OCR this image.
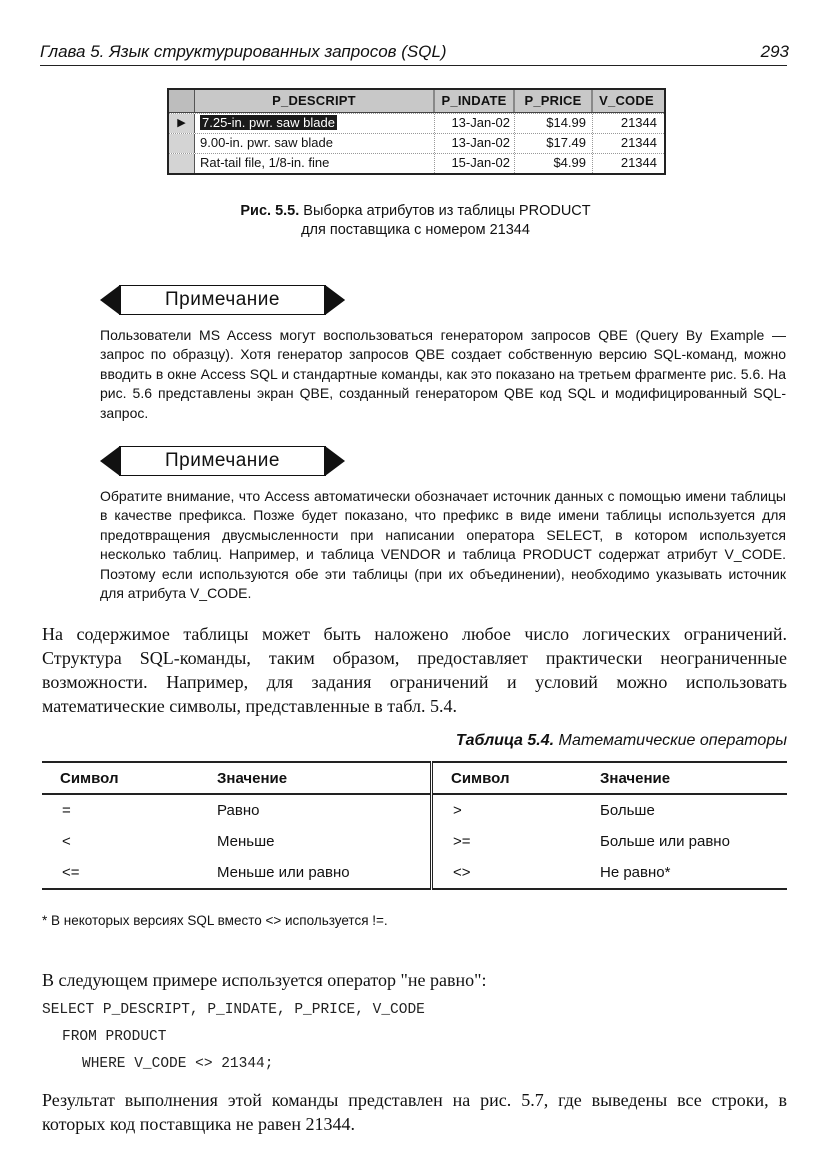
Глава 5. Язык структурированных запросов (SQL)	293
P_DESCRIPT	P_INDATE	P_PRICE	V_CODE
▶	7.25-in. pwr. saw blade	13-Jan-02	$14.99	21344
9.00-in. pwr. saw blade	13-Jan-02	$17.49	21344
Rat-tail file, 1/8-in. fine	15-Jan-02	$4.99	21344
Рис. 5.5. Выборка атрибутов из таблицы PRODUCT
для поставщика с номером 21344
Примечание
Пользователи MS Access могут воспользоваться генератором запросов QBE (Query By Example — запрос по образцу). Хотя генератор запросов QBE создает собственную версию SQL-команд, можно вводить в окне Access SQL и стандартные команды, как это показано на третьем фрагменте рис. 5.6. На рис. 5.6 представлены экран QBE, созданный генератором QBE код SQL и модифицированный SQL-запрос.
Примечание
Обратите внимание, что Access автоматически обозначает источник данных с помощью имени таблицы в качестве префикса. Позже будет показано, что префикс в виде имени таблицы используется для предотвращения двусмысленности при написании оператора SELECT, в котором используется несколько таблиц. Например, и таблица VENDOR и таблица PRODUCT содержат атрибут V_CODE. Поэтому если используются обе эти таблицы (при их объединении), необходимо указывать источник для атрибута V_CODE.
На содержимое таблицы может быть наложено любое число логических ограничений. Структура SQL-команды, таким образом, предоставляет практически неограниченные возможности. Например, для задания ограничений и условий можно использовать математические символы, представленные в табл. 5.4.
Таблица 5.4. Математические операторы
Символ	Значение	Символ	Значение
=	Равно	>	Больше
<	Меньше	>=	Больше или равно
<=	Меньше или равно	<>	Не равно*
* В некоторых версиях SQL вместо <> используется !=.
В следующем примере используется оператор "не равно":
SELECT P_DESCRIPT, P_INDATE, P_PRICE, V_CODE
FROM PRODUCT
WHERE V_CODE <> 21344;
Результат выполнения этой команды представлен на рис. 5.7, где выведены все строки, в которых код поставщика не равен 21344.
